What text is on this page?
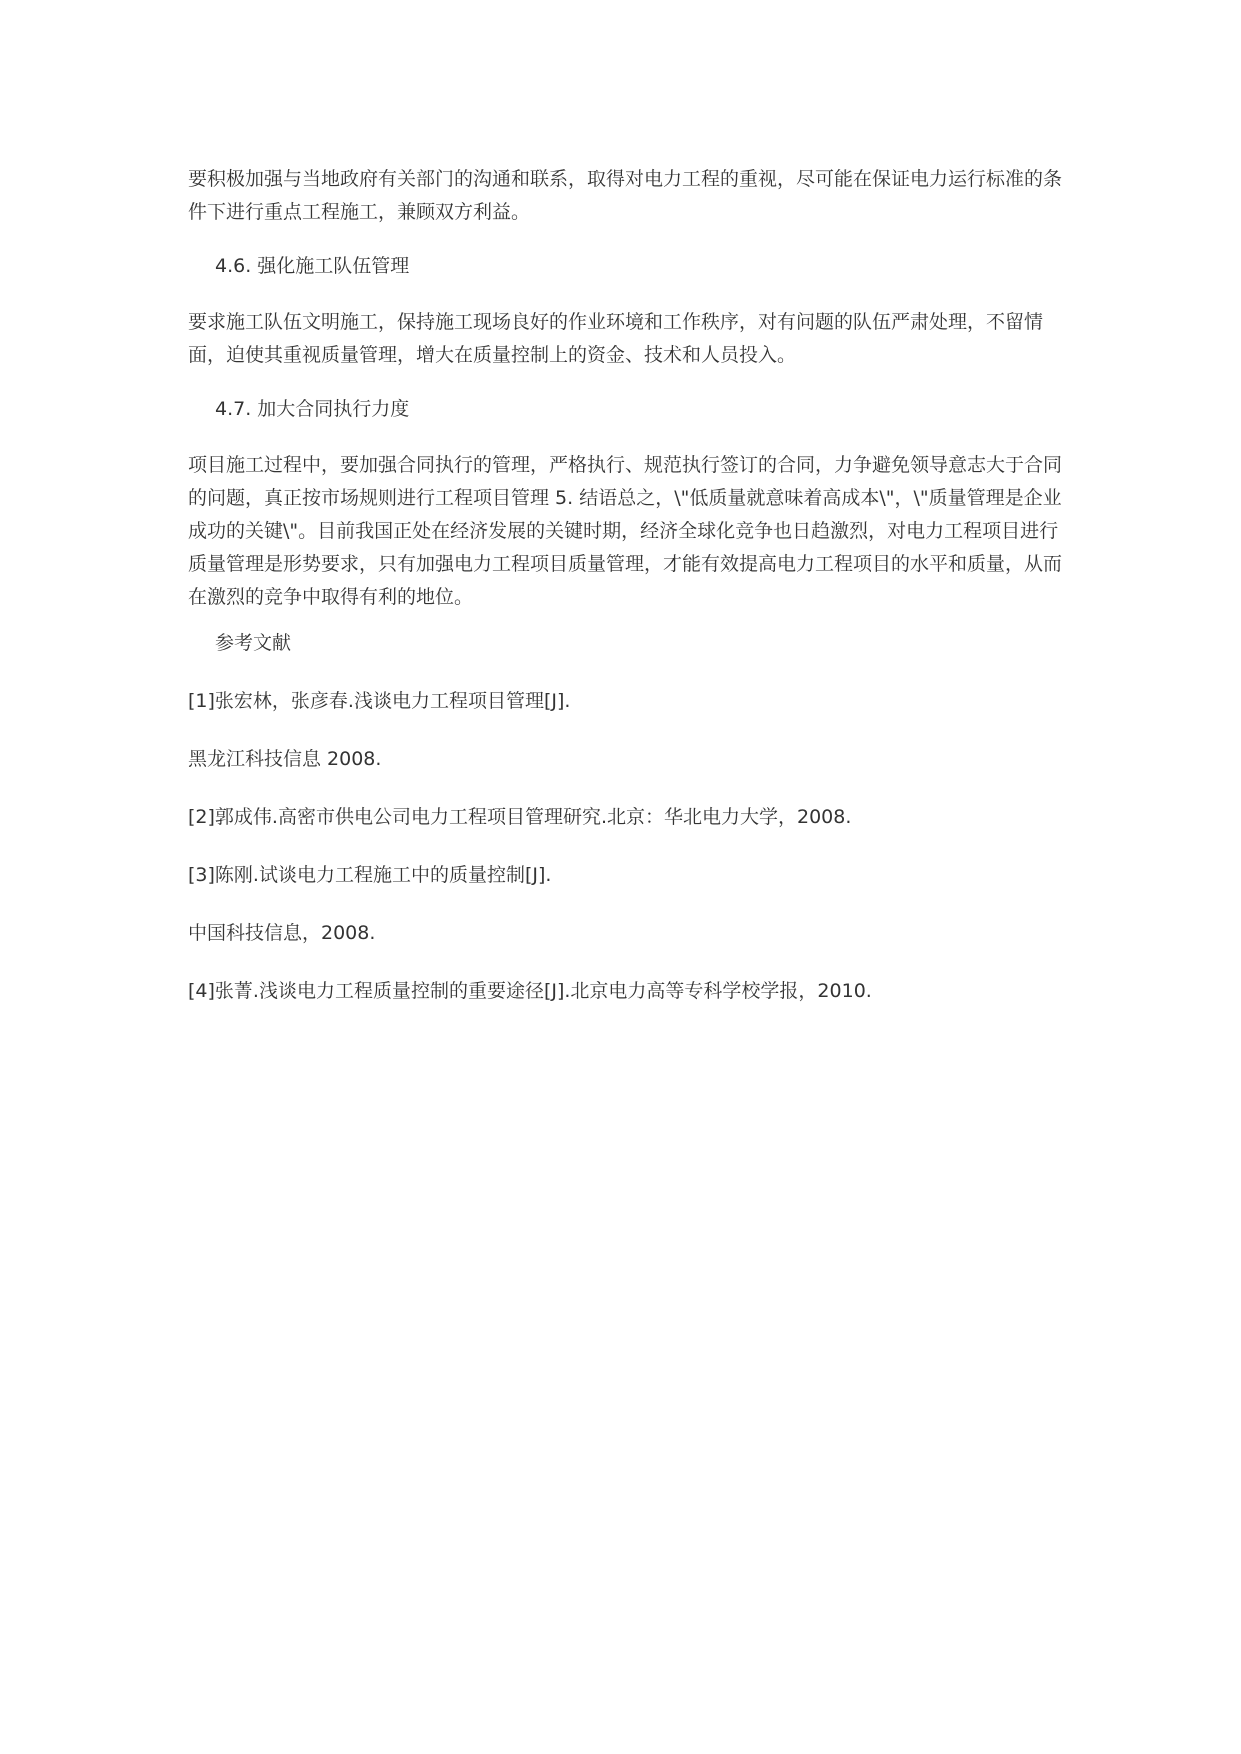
要积极加强与当地政府有关部门的沟通和联系，取得对电力工程的重视，尽可能在保证电力运行标准的条件下进行重点工程施工，兼顾双方利益。

4.6. 强化施工队伍管理

要求施工队伍文明施工，保持施工现场良好的作业环境和工作秩序，对有问题的队伍严肃处理，不留情面，迫使其重视质量管理，增大在质量控制上的资金、技术和人员投入。

4.7. 加大合同执行力度

项目施工过程中，要加强合同执行的管理，严格执行、规范执行签订的合同，力争避免领导意志大于合同的问题，真正按市场规则进行工程项目管理 5. 结语总之，\"低质量就意味着高成本\"，\"质量管理是企业成功的关键\"。目前我国正处在经济发展的关键时期，经济全球化竞争也日趋激烈，对电力工程项目进行质量管理是形势要求，只有加强电力工程项目质量管理，才能有效提高电力工程项目的水平和质量，从而在激烈的竞争中取得有利的地位。

参考文献

[1]张宏林，张彦春.浅谈电力工程项目管理[J].

黑龙江科技信息 2008.

[2]郭成伟.高密市供电公司电力工程项目管理研究.北京：华北电力大学，2008.

[3]陈刚.试谈电力工程施工中的质量控制[J].

中国科技信息，2008.

[4]张菁.浅谈电力工程质量控制的重要途径[J].北京电力高等专科学校学报，2010.
